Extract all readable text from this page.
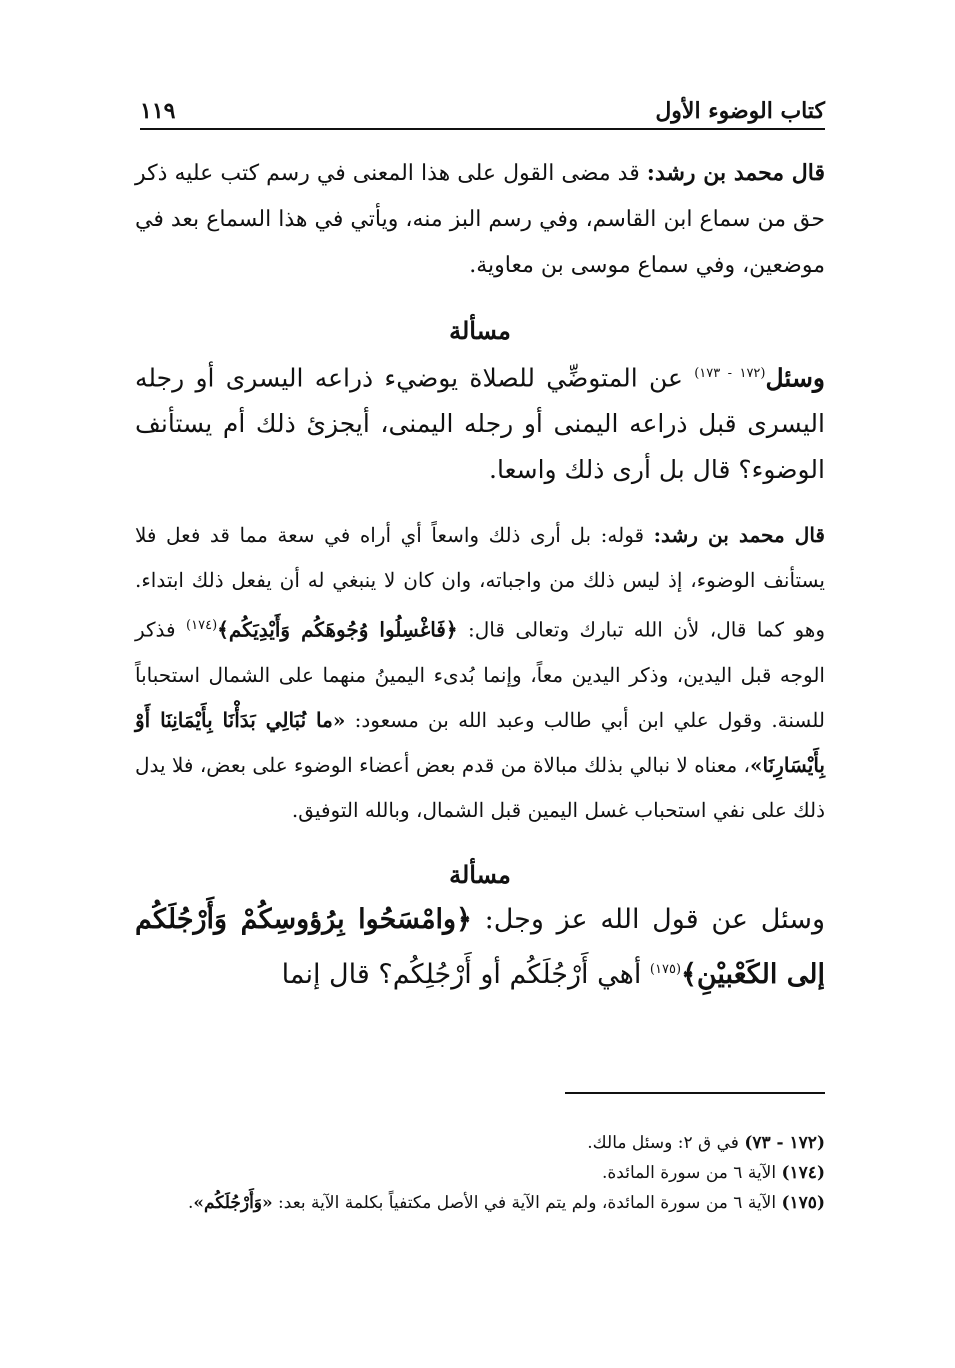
١١٩	كتاب الوضوء الأول

قال محمد بن رشد: قد مضى القول على هذا المعنى في رسم كتب عليه ذكر حق من سماع ابن القاسم، وفي رسم البز منه، ويأتي في هذا السماع بعد في موضعين، وفي سماع موسى بن معاوية.

مسألة

وسئل$^{(١٧٢ - ١٧٣)}$ عن المتوضِّي للصلاة يوضيء ذراعه اليسرى أو رجله اليسرى قبل ذراعه اليمنى أو رجله اليمنى، أيجزئ ذلك أم يستأنف الوضوء؟ قال بل أرى ذلك واسعا.

قال محمد بن رشد: قوله: بل أرى ذلك واسعاً أي أراه في سعة مما قد فعل فلا يستأنف الوضوء، إذ ليس ذلك من واجباته، وان كان لا ينبغي له أن يفعل ذلك ابتداء. وهو كما قال، لأن الله تبارك وتعالى قال: ﴿فَاغْسِلُوا وُجُوهَكُم وَأَيْدِيَكُم﴾$^{(١٧٤)}$ فذكر الوجه قبل اليدين، وذكر اليدين معاً، وإنما بُدىء اليمينُ منهما على الشمال استحباباً للسنة. وقول علي ابن أبي طالب وعبد الله بن مسعود: «ما نُبَالِي بَدَأْنَا بِأَيْمَانِنَا أَوْ بِأَيْسَارِنَا»، معناه لا نبالي بذلك مبالاة من قدم بعض أعضاء الوضوء على بعض، فلا يدل ذلك على نفي استحباب غسل اليمين قبل الشمال، وبالله التوفيق.

مسألة

وسئل عن قول الله عز وجل: ﴿وامْسَحُوا بِرُؤوسِكُمْ وَأَرْجُلَكُم إلى الكَعْبيْنِ﴾$^{(١٧٥)}$ أهي أَرْجُلَكُم أو أَرْجُلِكُم؟ قال إنما

(١٧٢ - ٧٣) في ق ٢: وسئل مالك.

(١٧٤) الآية ٦ من سورة المائدة.

(١٧٥) الآية ٦ من سورة المائدة، ولم يتم الآية في الأصل مكتفياً بكلمة الآية بعد: «وَأَرْجُلَكُم».
